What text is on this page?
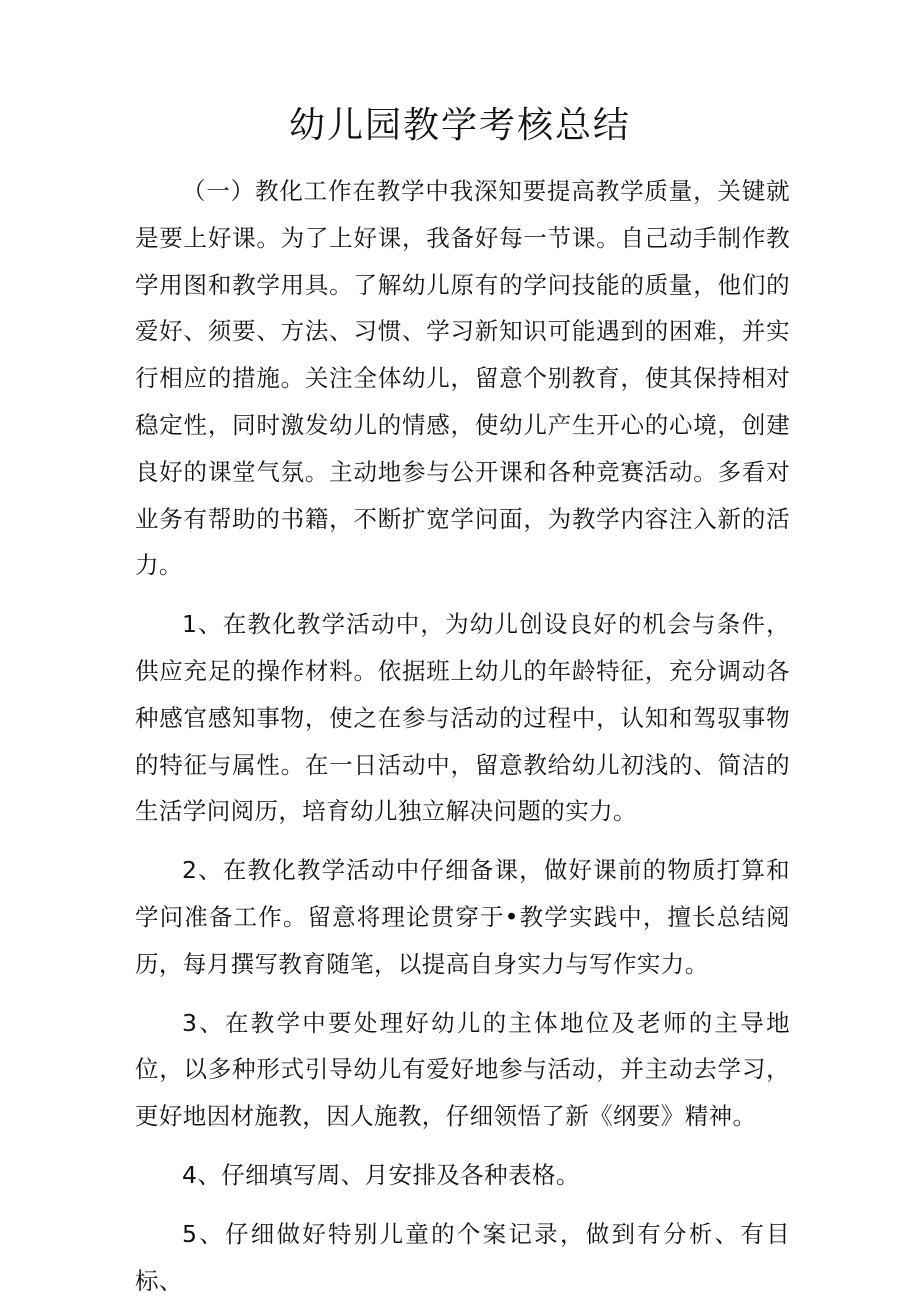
幼儿园教学考核总结

（一）教化工作在教学中我深知要提高教学质量，关键就是要上好课。为了上好课，我备好每一节课。自己动手制作教学用图和教学用具。了解幼儿原有的学问技能的质量，他们的爱好、须要、方法、习惯、学习新知识可能遇到的困难，并实行相应的措施。关注全体幼儿，留意个别教育，使其保持相对稳定性，同时激发幼儿的情感，使幼儿产生开心的心境，创建良好的课堂气氛。主动地参与公开课和各种竞赛活动。多看对业务有帮助的书籍，不断扩宽学问面，为教学内容注入新的活力。

1、在教化教学活动中，为幼儿创设良好的机会与条件，供应充足的操作材料。依据班上幼儿的年龄特征，充分调动各种感官感知事物，使之在参与活动的过程中，认知和驾驭事物的特征与属性。在一日活动中，留意教给幼儿初浅的、简洁的生活学问阅历，培育幼儿独立解决问题的实力。

2、在教化教学活动中仔细备课，做好课前的物质打算和学问准备工作。留意将理论贯穿于•教学实践中，擅长总结阅历，每月撰写教育随笔，以提高自身实力与写作实力。

3、在教学中要处理好幼儿的主体地位及老师的主导地位，以多种形式引导幼儿有爱好地参与活动，并主动去学习，更好地因材施教，因人施教，仔细领悟了新《纲要》精神。

4、仔细填写周、月安排及各种表格。

5、仔细做好特别儿童的个案记录，做到有分析、有目标、
